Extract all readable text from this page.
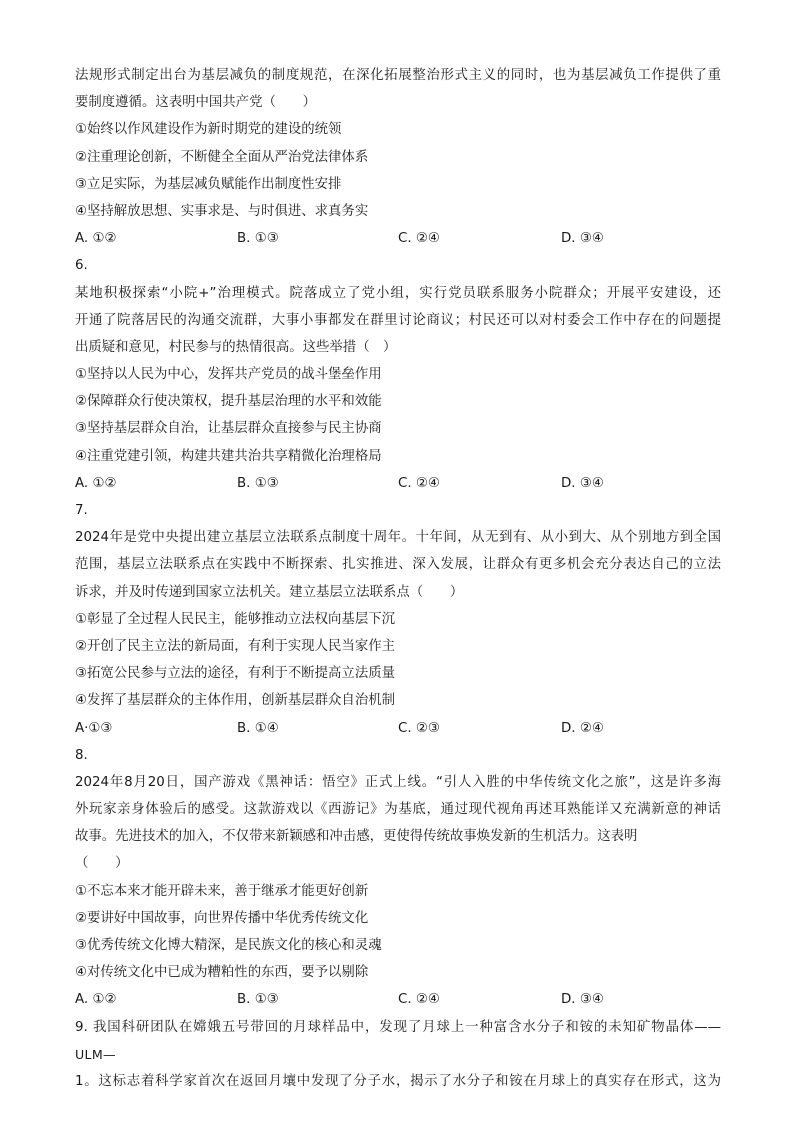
法规形式制定出台为基层减负的制度规范，在深化拓展整治形式主义的同时，也为基层减负工作提供了重
要制度遵循。这表明中国共产党（　　）
①始终以作风建设作为新时期党的建设的统领
②注重理论创新，不断健全全面从严治党法律体系
③立足实际，为基层减负赋能作出制度性安排
④坚持解放思想、实事求是、与时俱进、求真务实
A. ①②	B. ①③	C. ②④	D. ③④
6.
某地积极探索“小院+”治理模式。院落成立了党小组，实行党员联系服务小院群众；开展平安建设，还
开通了院落居民的沟通交流群，大事小事都发在群里讨论商议；村民还可以对村委会工作中存在的问题提
出质疑和意见，村民参与的热情很高。这些举措（　）
①坚持以人民为中心，发挥共产党员的战斗堡垒作用
②保障群众行使决策权，提升基层治理的水平和效能
③坚持基层群众自治，让基层群众直接参与民主协商
④注重党建引领，构建共建共治共享精微化治理格局
A. ①②	B. ①③	C. ②④	D. ③④
7.
2024年是党中央提出建立基层立法联系点制度十周年。十年间，从无到有、从小到大、从个别地方到全国
范围，基层立法联系点在实践中不断探索、扎实推进、深入发展，让群众有更多机会充分表达自己的立法
诉求，并及时传递到国家立法机关。建立基层立法联系点（　　）
①彰显了全过程人民民主，能够推动立法权向基层下沉
②开创了民主立法的新局面，有利于实现人民当家作主
③拓宽公民参与立法的途径，有利于不断提高立法质量
④发挥了基层群众的主体作用，创新基层群众自治机制
A·①③	B. ①④	C. ②③	D. ②④
8.
2024年8月20日，国产游戏《黑神话：悟空》正式上线。“引人入胜的中华传统文化之旅”，这是许多海
外玩家亲身体验后的感受。这款游戏以《西游记》为基底，通过现代视角再述耳熟能详又充满新意的神话
故事。先进技术的加入，不仅带来新颖感和冲击感，更使得传统故事焕发新的生机活力。这表明
（　　）
①不忘本来才能开辟未来，善于继承才能更好创新
②要讲好中国故事，向世界传播中华优秀传统文化
③优秀传统文化博大精深，是民族文化的核心和灵魂
④对传统文化中已成为糟粕性的东西，要予以剔除
A. ①②	B. ①③	C. ②④	D. ③④
9. 我国科研团队在嫦娥五号带回的月球样品中，发现了月球上一种富含水分子和铵的未知矿物晶体——
ULM—
1。这标志着科学家首次在返回月壤中发现了分子水，揭示了水分子和铵在月球上的真实存在形式，这为
